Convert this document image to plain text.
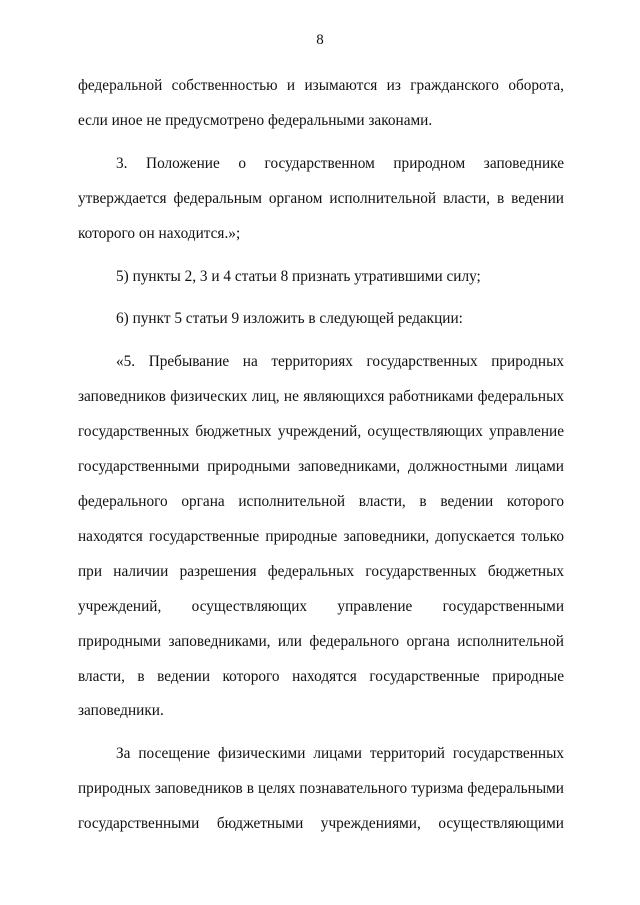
8

федеральной собственностью и изымаются из гражданского оборота, если иное не предусмотрено федеральными законами.

3. Положение о государственном природном заповеднике утверждается федеральным органом исполнительной власти, в ведении которого он находится.»;

5) пункты 2, 3 и 4 статьи 8 признать утратившими силу;

6) пункт 5 статьи 9 изложить в следующей редакции:

«5. Пребывание на территориях государственных природных заповедников физических лиц, не являющихся работниками федеральных государственных бюджетных учреждений, осуществляющих управление государственными природными заповедниками, должностными лицами федерального органа исполнительной власти, в ведении которого находятся государственные природные заповедники, допускается только при наличии разрешения федеральных государственных бюджетных учреждений, осуществляющих управление государственными природными заповедниками, или федерального органа исполнительной власти, в ведении которого находятся государственные природные заповедники.

За посещение физическими лицами территорий государственных природных заповедников в целях познавательного туризма федеральными государственными бюджетными учреждениями, осуществляющими
